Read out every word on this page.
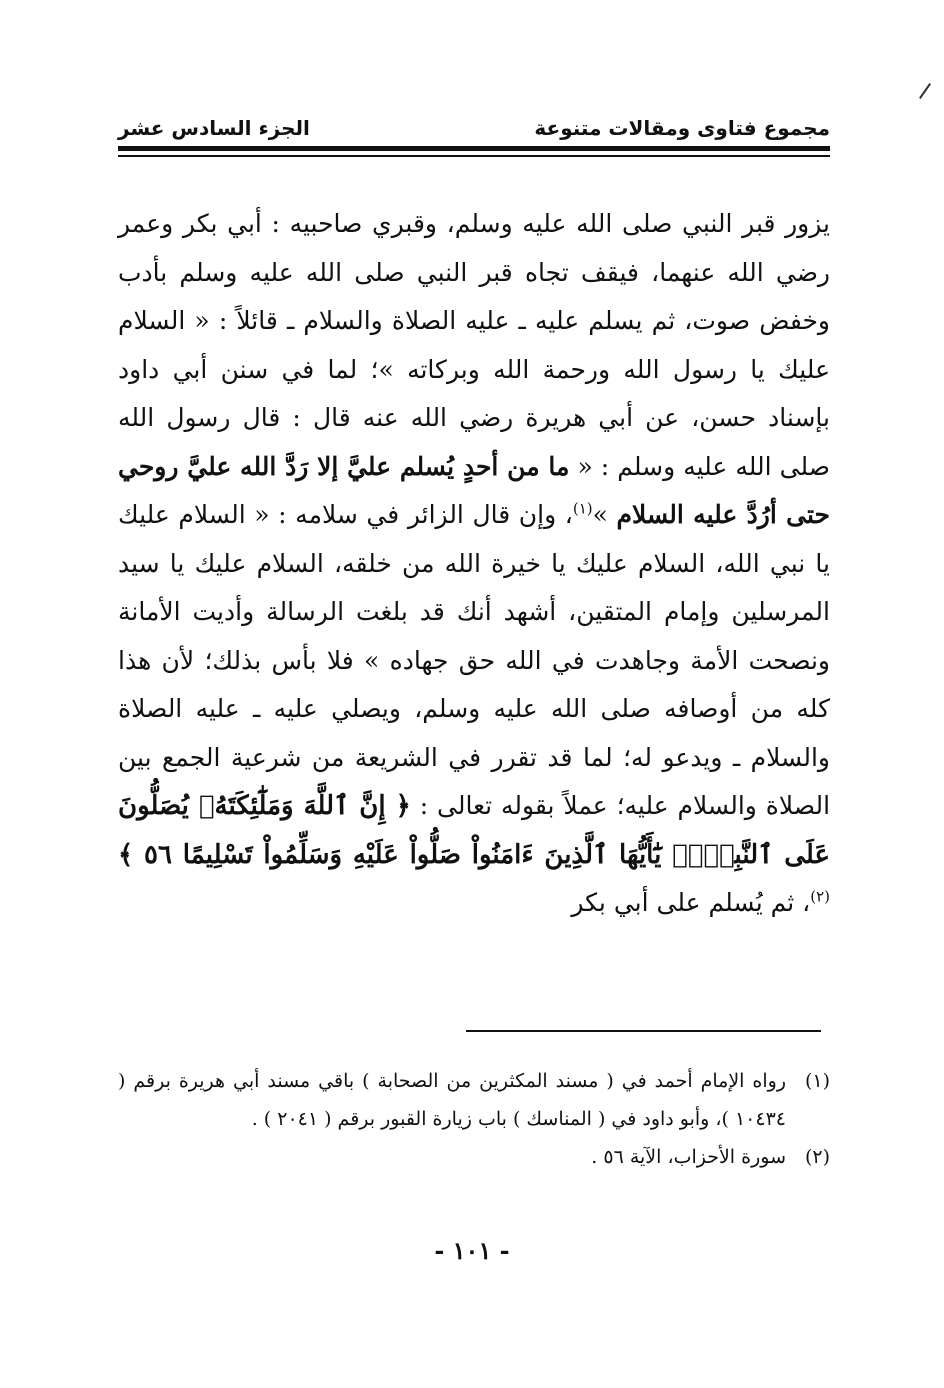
مجموع فتاوى ومقالات متنوعة
الجزء السادس عشر

يزور قبر النبي صلى الله عليه وسلم، وقبري صاحبيه : أبي بكر وعمر رضي الله عنهما، فيقف تجاه قبر النبي صلى الله عليه وسلم بأدب وخفض صوت، ثم يسلم عليه ـ عليه الصلاة والسلام ـ قائلاً : « السلام عليك يا رسول الله ورحمة الله وبركاته »؛ لما في سنن أبي داود بإسناد حسن، عن أبي هريرة رضي الله عنه قال : قال رسول الله صلى الله عليه وسلم : « ما من أحدٍ يُسلم عليَّ إلا رَدَّ الله عليَّ روحي حتى أرُدَّ عليه السلام »$^{(١)}$، وإن قال الزائر في سلامه : « السلام عليك يا نبي الله، السلام عليك يا خيرة الله من خلقه، السلام عليك يا سيد المرسلين وإمام المتقين، أشهد أنك قد بلغت الرسالة وأديت الأمانة ونصحت الأمة وجاهدت في الله حق جهاده » فلا بأس بذلك؛ لأن هذا كله من أوصافه صلى الله عليه وسلم، ويصلي عليه ـ عليه الصلاة والسلام ـ ويدعو له؛ لما قد تقرر في الشريعة من شرعية الجمع بين الصلاة والسلام عليه؛ عملاً بقوله تعالى : ﴿ إِنَّ ٱللَّهَ وَمَلَٰٓئِكَتَهُۥ يُصَلُّونَ عَلَى ٱلنَّبِيِّۚ يَٰٓأَيُّهَا ٱلَّذِينَ ءَامَنُواْ صَلُّواْ عَلَيْهِ وَسَلِّمُواْ تَسْلِيمًا ٥٦ ﴾$^{(٢)}$، ثم يُسلم على أبي بكر

(١)
رواه الإمام أحمد في ( مسند المكثرين من الصحابة ) باقي مسند أبي هريرة برقم ( ١٠٤٣٤ )، وأبو داود في ( المناسك ) باب زيارة القبور برقم ( ٢٠٤١ ) .
(٢)
سورة الأحزاب، الآية ٥٦ .
- ١٠١ -
